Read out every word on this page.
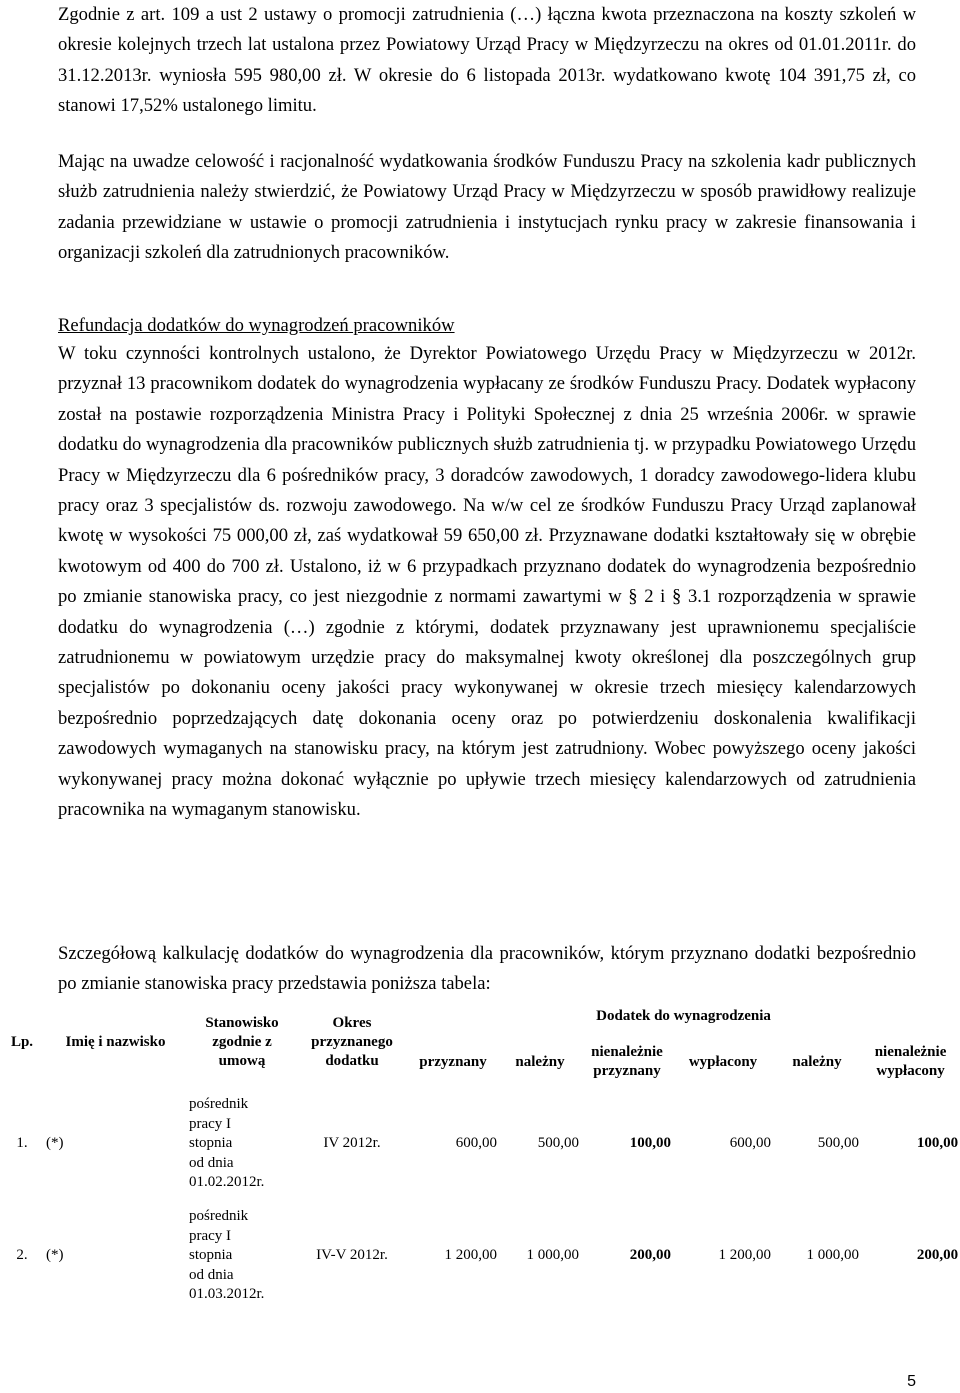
Zgodnie z art. 109 a ust 2 ustawy o promocji zatrudnienia (…) łączna kwota przeznaczona na koszty szkoleń w okresie kolejnych trzech lat ustalona przez Powiatowy Urząd Pracy w Międzyrzeczu na okres od 01.01.2011r. do 31.12.2013r. wyniosła 595 980,00 zł. W okresie do 6 listopada 2013r. wydatkowano kwotę 104 391,75 zł, co stanowi 17,52% ustalonego limitu.

Mając na uwadze celowość i racjonalność wydatkowania środków Funduszu Pracy na szkolenia kadr publicznych służb zatrudnienia należy stwierdzić, że Powiatowy Urząd Pracy w Międzyrzeczu w sposób prawidłowy realizuje zadania przewidziane w ustawie o promocji zatrudnienia i instytucjach rynku pracy w zakresie finansowania i organizacji szkoleń dla zatrudnionych pracowników.

Refundacja dodatków do wynagrodzeń pracowników

W toku czynności kontrolnych ustalono, że Dyrektor Powiatowego Urzędu Pracy w Międzyrzeczu w 2012r. przyznał 13 pracownikom dodatek do wynagrodzenia wypłacany ze środków Funduszu Pracy. Dodatek wypłacony został na postawie rozporządzenia Ministra Pracy i Polityki Społecznej z dnia 25 września 2006r. w sprawie dodatku do wynagrodzenia dla pracowników publicznych służb zatrudnienia tj. w przypadku Powiatowego Urzędu Pracy w Międzyrzeczu dla 6 pośredników pracy, 3 doradców zawodowych, 1 doradcy zawodowego-lidera klubu pracy oraz 3 specjalistów ds. rozwoju zawodowego. Na w/w cel ze środków Funduszu Pracy Urząd zaplanował kwotę w wysokości 75 000,00 zł, zaś wydatkował 59 650,00 zł. Przyznawane dodatki kształtowały się w obrębie kwotowym od 400 do 700 zł. Ustalono, iż w 6 przypadkach przyznano dodatek do wynagrodzenia bezpośrednio po zmianie stanowiska pracy, co jest niezgodnie z normami zawartymi w § 2 i § 3.1 rozporządzenia w sprawie dodatku do wynagrodzenia (…) zgodnie z którymi, dodatek przyznawany jest uprawnionemu specjaliście zatrudnionemu w powiatowym urzędzie pracy do maksymalnej kwoty określonej dla poszczególnych grup specjalistów po dokonaniu oceny jakości pracy wykonywanej w okresie trzech miesięcy kalendarzowych bezpośrednio poprzedzających datę dokonania oceny oraz po potwierdzeniu doskonalenia kwalifikacji zawodowych wymaganych na stanowisku pracy, na którym jest zatrudniony. Wobec powyższego oceny jakości wykonywanej pracy można dokonać wyłącznie po upływie trzech miesięcy kalendarzowych od zatrudnienia pracownika na wymaganym stanowisku.

Szczegółową kalkulację dodatków do wynagrodzenia dla pracowników, którym przyznano dodatki bezpośrednio po zmianie stanowiska pracy przedstawia poniższa tabela:

Lp.	Imię i nazwisko	Stanowisko zgodnie z umową	Okres przyznanego dodatku	Dodatek do wynagrodzenia					
				przyznany	należny	nienależnie przyznany	wypłacony	należny	nienależnie wypłacony
1.	(*)	pośrednik
pracy I
stopnia
od dnia
01.02.2012r.	IV 2012r.	600,00	500,00	100,00	600,00	500,00	100,00
2.	(*)	pośrednik
pracy I
stopnia
od dnia
01.03.2012r.	IV-V 2012r.	1 200,00	1 000,00	200,00	1 200,00	1 000,00	200,00
5
